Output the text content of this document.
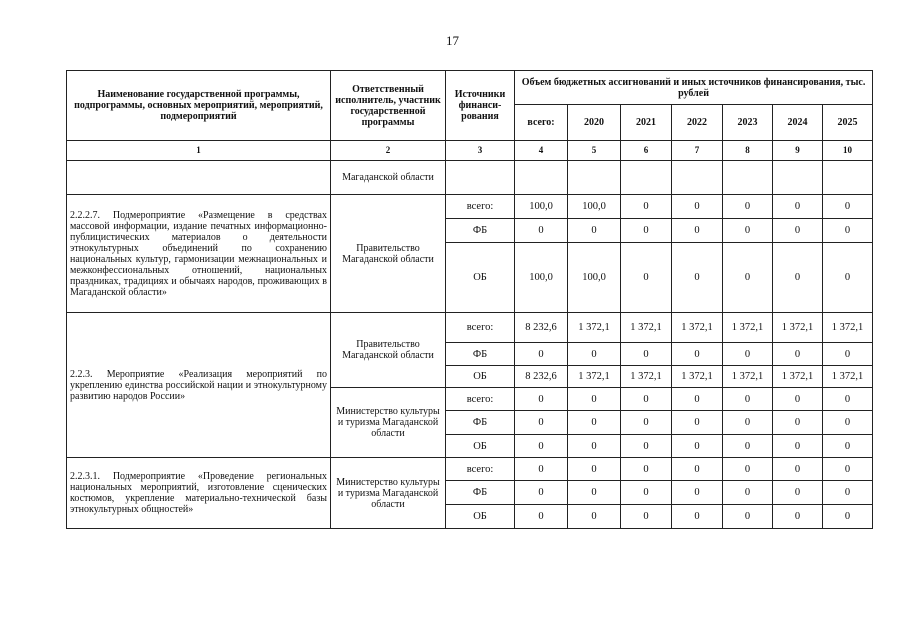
17
Наименование государственной программы, подпрограммы, основных мероприятий, мероприятий, подмероприятий	Ответственный исполнитель, участник государственной программы	Источники финанси-рования	Объем бюджетных ассигнований и иных источников финансирования, тыс. рублей						
			всего:	2020	2021	2022	2023	2024	2025
1	2	3	4	5	6	7	8	9	10
	Магаданской области								
2.2.2.7. Подмероприятие «Размещение в средствах массовой информации, издание печатных информационно-публицистических материалов о деятельности этнокультурных объединений по сохранению национальных культур, гармонизации межнациональных и межконфессиональных отношений, национальных праздниках, традициях и обычаях народов, проживающих в Магаданской области»	Правительство Магаданской области	всего:	100,0	100,0	0	0	0	0	0
		ФБ	0	0	0	0	0	0	0
		ОБ	100,0	100,0	0	0	0	0	0
2.2.3. Мероприятие «Реализация мероприятий по укреплению единства российской нации и этнокультурному развитию народов России»	Правительство Магаданской области	всего:	8 232,6	1 372,1	1 372,1	1 372,1	1 372,1	1 372,1	1 372,1
		ФБ	0	0	0	0	0	0	0
		ОБ	8 232,6	1 372,1	1 372,1	1 372,1	1 372,1	1 372,1	1 372,1
	Министерство культуры и туризма Магаданской области	всего:	0	0	0	0	0	0	0
		ФБ	0	0	0	0	0	0	0
		ОБ	0	0	0	0	0	0	0
2.2.3.1. Подмероприятие «Проведение региональных национальных мероприятий, изготовление сценических костюмов, укрепление материально-технической базы этнокультурных общностей»	Министерство культуры и туризма Магаданской области	всего:	0	0	0	0	0	0	0
		ФБ	0	0	0	0	0	0	0
		ОБ	0	0	0	0	0	0	0
